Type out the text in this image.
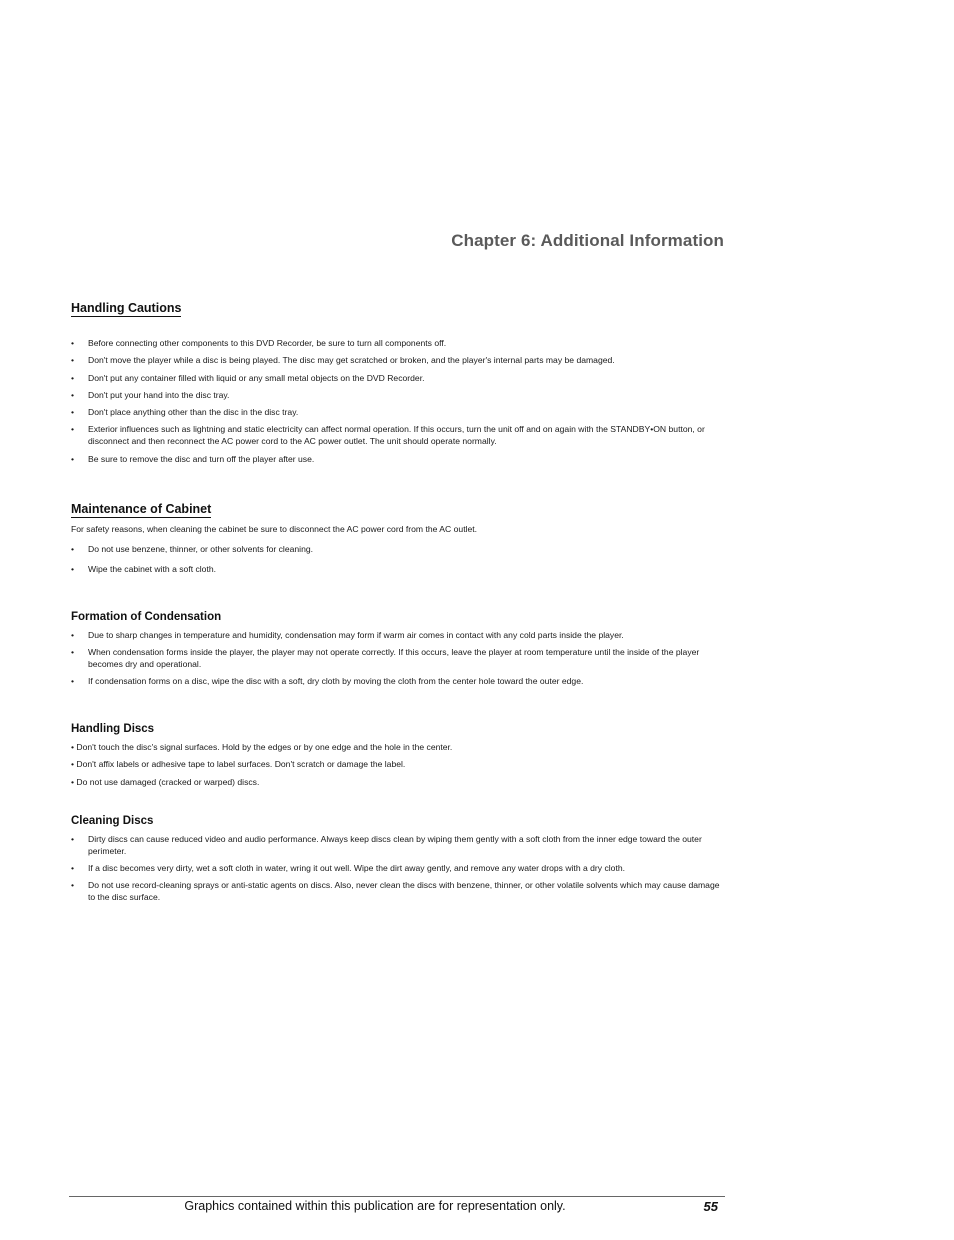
Chapter 6: Additional Information
Handling Cautions
• Before connecting other components to this DVD Recorder, be sure to turn all components off.
• Don't move the player while a disc is being played. The disc may get scratched or broken, and the player's internal parts may be damaged.
• Don't put any container filled with liquid or any small metal objects on the DVD Recorder.
• Don't put your hand into the disc tray.
• Don't place anything other than the disc in the disc tray.
• Exterior influences such as lightning and static electricity can affect normal operation. If this occurs, turn the unit off and on again with the STANDBY•ON button, or disconnect and then reconnect the AC power cord to the AC power outlet. The unit should operate normally.
• Be sure to remove the disc and turn off the player after use.
Maintenance of Cabinet

For safety reasons, when cleaning the cabinet be sure to disconnect the AC power cord from the AC outlet.

• Do not use benzene, thinner, or other solvents for cleaning.
• Wipe the cabinet with a soft cloth.
Formation of Condensation
• Due to sharp changes in temperature and humidity, condensation may form if warm air comes in contact with any cold parts inside the player.
• When condensation forms inside the player, the player may not operate correctly. If this occurs, leave the player at room temperature until the inside of the player becomes dry and operational.
• If condensation forms on a disc, wipe the disc with a soft, dry cloth by moving the cloth from the center hole toward the outer edge.
Handling Discs
• Don't touch the disc's signal surfaces. Hold by the edges or by one edge and the hole in the center.
• Don't affix labels or adhesive tape to label surfaces. Don't scratch or damage the label.
• Do not use damaged (cracked or warped) discs.
Cleaning Discs
• Dirty discs can cause reduced video and audio performance. Always keep discs clean by wiping them gently with a soft cloth from the inner edge toward the outer perimeter.
• If a disc becomes very dirty, wet a soft cloth in water, wring it out well. Wipe the dirt away gently, and remove any water drops with a dry cloth.
• Do not use record-cleaning sprays or anti-static agents on discs. Also, never clean the discs with benzene, thinner, or other volatile solvents which may cause damage to the disc surface.
Graphics contained within this publication are for representation only.	55
